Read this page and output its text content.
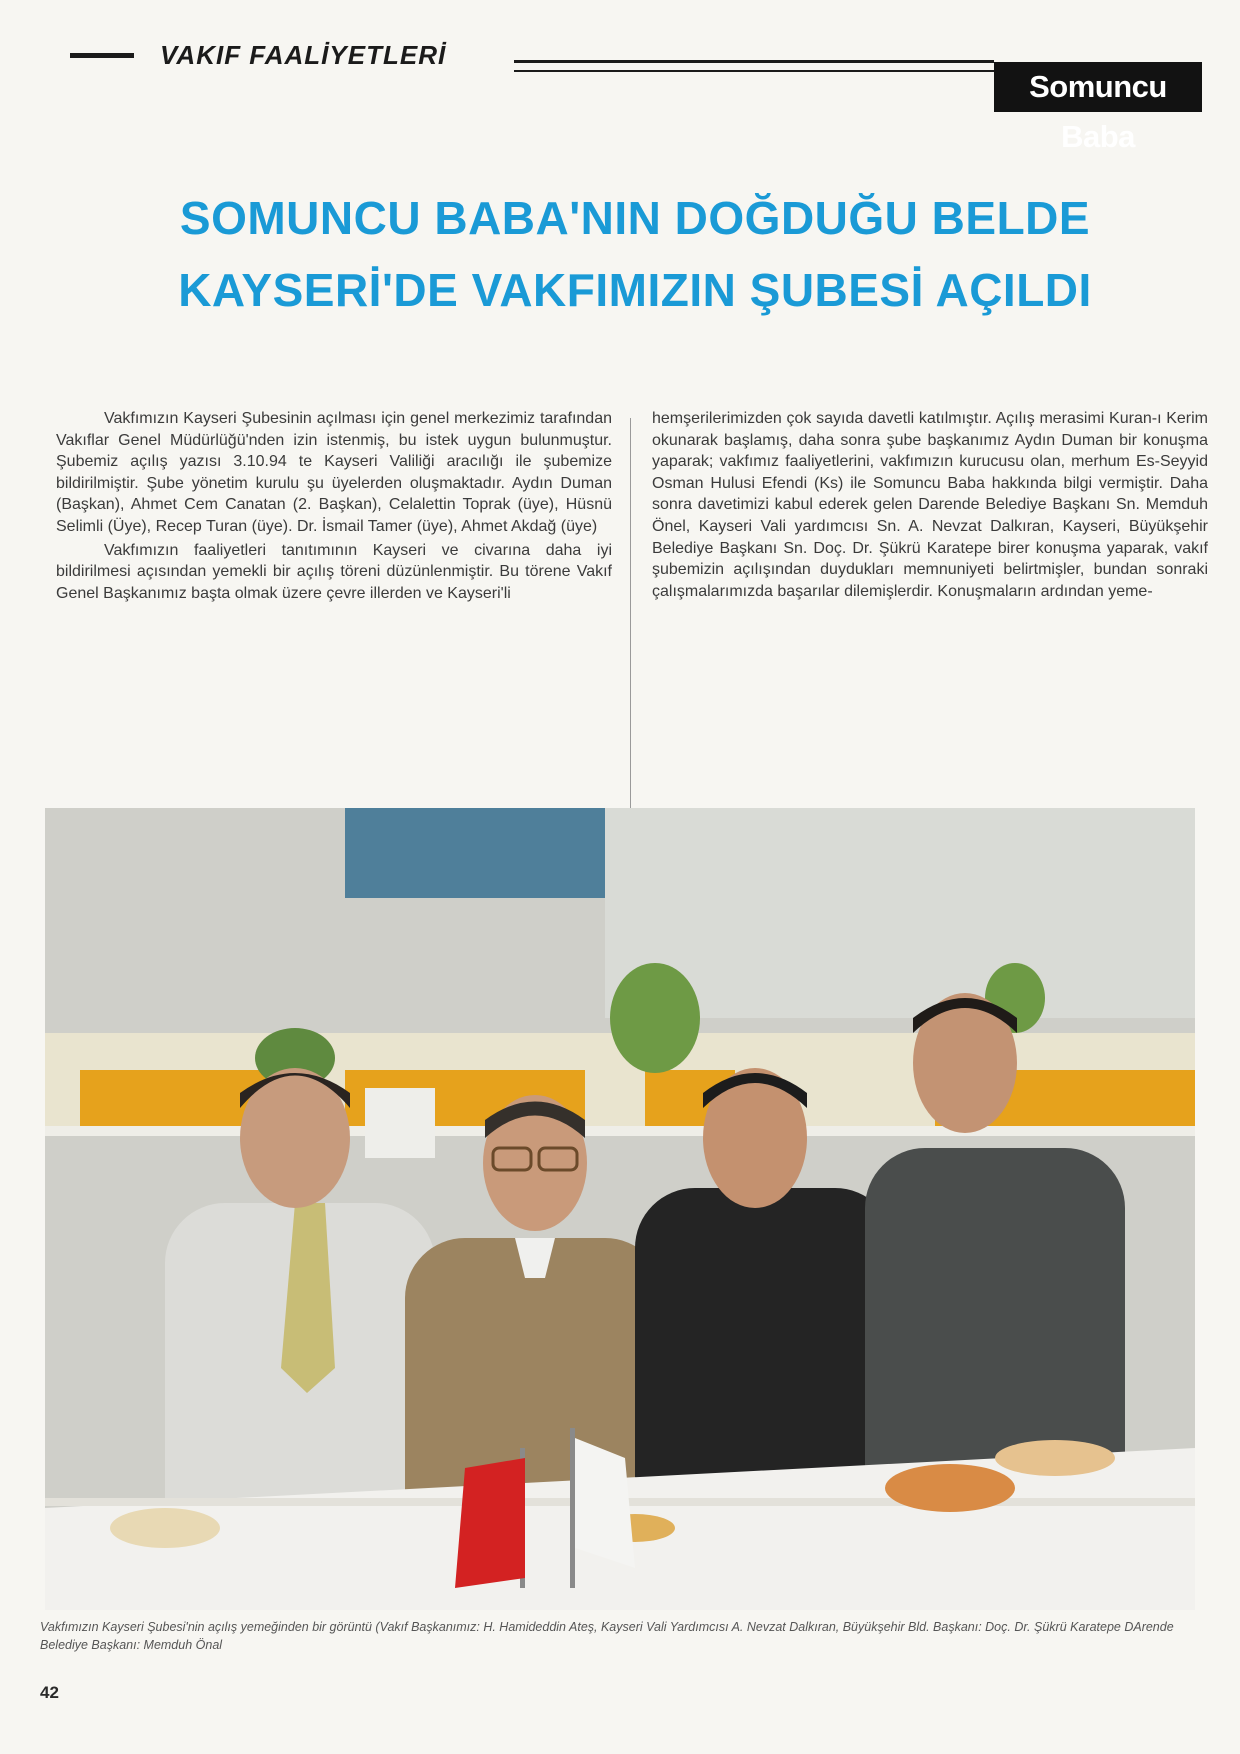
VAKIF FAALİYETLERİ
Somuncu Baba
SOMUNCU BABA'NIN DOĞDUĞU BELDE
KAYSERİ'DE VAKFIMIZIN ŞUBESİ AÇILDI

Vakfımızın Kayseri Şubesinin açılması için genel merkezimiz tarafından Vakıflar Genel Müdürlüğü'nden izin istenmiş, bu istek uygun bulunmuştur. Şubemiz açılış yazısı 3.10.94 te Kayseri Valiliği aracılığı ile şubemize bildirilmiştir. Şube yönetim kurulu şu üyelerden oluşmaktadır. Aydın Duman (Başkan), Ahmet Cem Canatan (2. Başkan), Celalettin Toprak (üye), Hüsnü Selimli (Üye), Recep Turan (üye). Dr. İsmail Tamer (üye), Ahmet Akdağ (üye)

Vakfımızın faaliyetleri tanıtımının Kayseri ve civarına daha iyi bildirilmesi açısından yemekli bir açılış töreni düzünlenmiştir. Bu törene Vakıf Genel Başkanımız başta olmak üzere çevre illerden ve Kayseri'li

hemşerilerimizden çok sayıda davetli katılmıştır. Açılış merasimi Kuran-ı Kerim okunarak başlamış, daha sonra şube başkanımız Aydın Duman bir konuşma yaparak; vakfımız faaliyetlerini, vakfımızın kurucusu olan, merhum Es-Seyyid Osman Hulusi Efendi (Ks) ile Somuncu Baba hakkında bilgi vermiştir. Daha sonra davetimizi kabul ederek gelen Darende Belediye Başkanı Sn. Memduh Önel, Kayseri Vali yardımcısı Sn. A. Nevzat Dalkıran, Kayseri, Büyükşehir Belediye Başkanı Sn. Doç. Dr. Şükrü Karatepe birer konuşma yaparak, vakıf şubemizin açılışından duydukları memnuniyeti belirtmişler, bundan sonraki çalışmalarımızda başarılar dilemişlerdir. Konuşmaların ardından yeme-

Vakfımızın Kayseri Şubesi'nin açılış yemeğinden bir görüntü (Vakıf Başkanımız: H. Hamideddin Ateş, Kayseri Vali Yardımcısı A. Nevzat Dalkıran, Büyükşehir Bld. Başkanı: Doç. Dr. Şükrü Karatepe DArende Belediye Başkanı: Memduh Önal
42
